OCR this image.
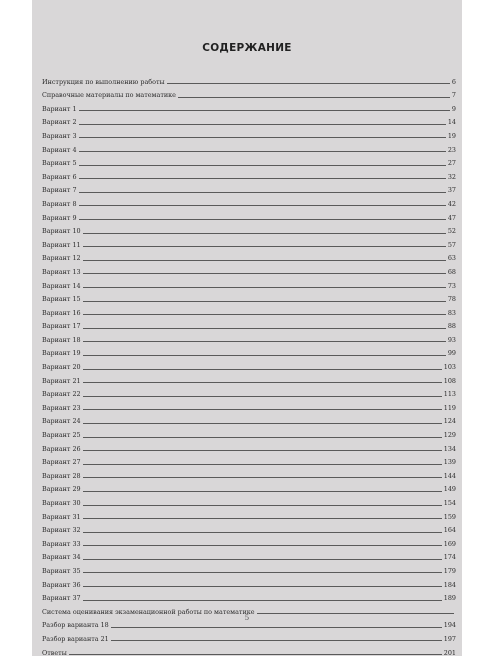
СОДЕРЖАНИЕ
Инструкция по выполнению работы	6
Справочные материалы по математике	7
Вариант 1	9
Вариант 2	14
Вариант 3	19
Вариант 4	23
Вариант 5	27
Вариант 6	32
Вариант 7	37
Вариант 8	42
Вариант 9	47
Вариант 10	52
Вариант 11	57
Вариант 12	63
Вариант 13	68
Вариант 14	73
Вариант 15	78
Вариант 16	83
Вариант 17	88
Вариант 18	93
Вариант 19	99
Вариант 20	103
Вариант 21	108
Вариант 22	113
Вариант 23	119
Вариант 24	124
Вариант 25	129
Вариант 26	134
Вариант 27	139
Вариант 28	144
Вариант 29	149
Вариант 30	154
Вариант 31	159
Вариант 32	164
Вариант 33	169
Вариант 34	174
Вариант 35	179
Вариант 36	184
Вариант 37	189
Система оценивания экзаменационной работы по математике
Разбор варианта 18	194
Разбор варианта 21	197
Ответы	201
5
